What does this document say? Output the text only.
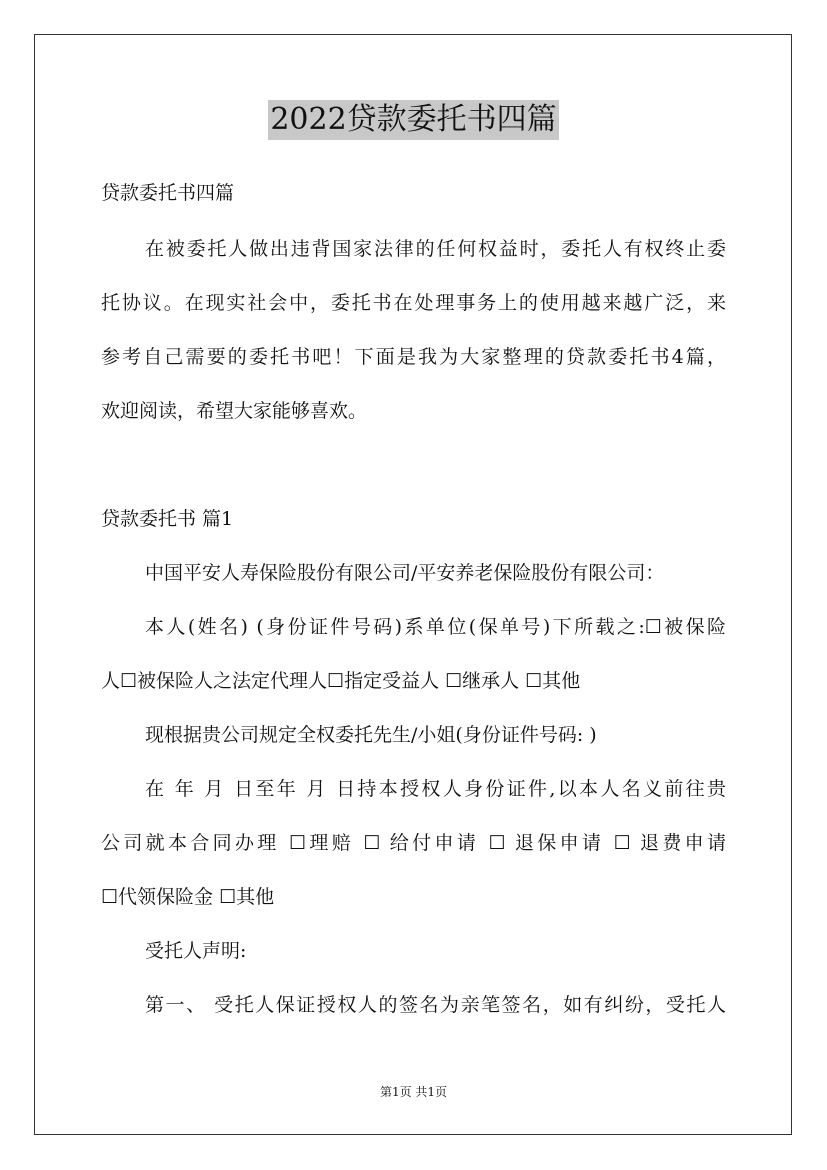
2022贷款委托书四篇
贷款委托书四篇
在被委托人做出违背国家法律的任何权益时，委托人有权终止委
托协议。在现实社会中，委托书在处理事务上的使用越来越广泛，来
参考自己需要的委托书吧！下面是我为大家整理的贷款委托书4篇，
欢迎阅读，希望大家能够喜欢。
贷款委托书 篇1
中国平安人寿保险股份有限公司/平安养老保险股份有限公司：
本人(姓名) (身份证件号码)系单位(保单号)下所载之:☐被保险
人☐被保险人之法定代理人☐指定受益人 ☐继承人 ☐其他
现根据贵公司规定全权委托先生/小姐(身份证件号码: )
在 年 月 日至年 月 日持本授权人身份证件,以本人名义前往贵
公司就本合同办理 ☐理赔 ☐ 给付申请 ☐ 退保申请 ☐ 退费申请
☐代领保险金 ☐其他
受托人声明:
第一、 受托人保证授权人的签名为亲笔签名，如有纠纷，受托人
第1页 共1页
